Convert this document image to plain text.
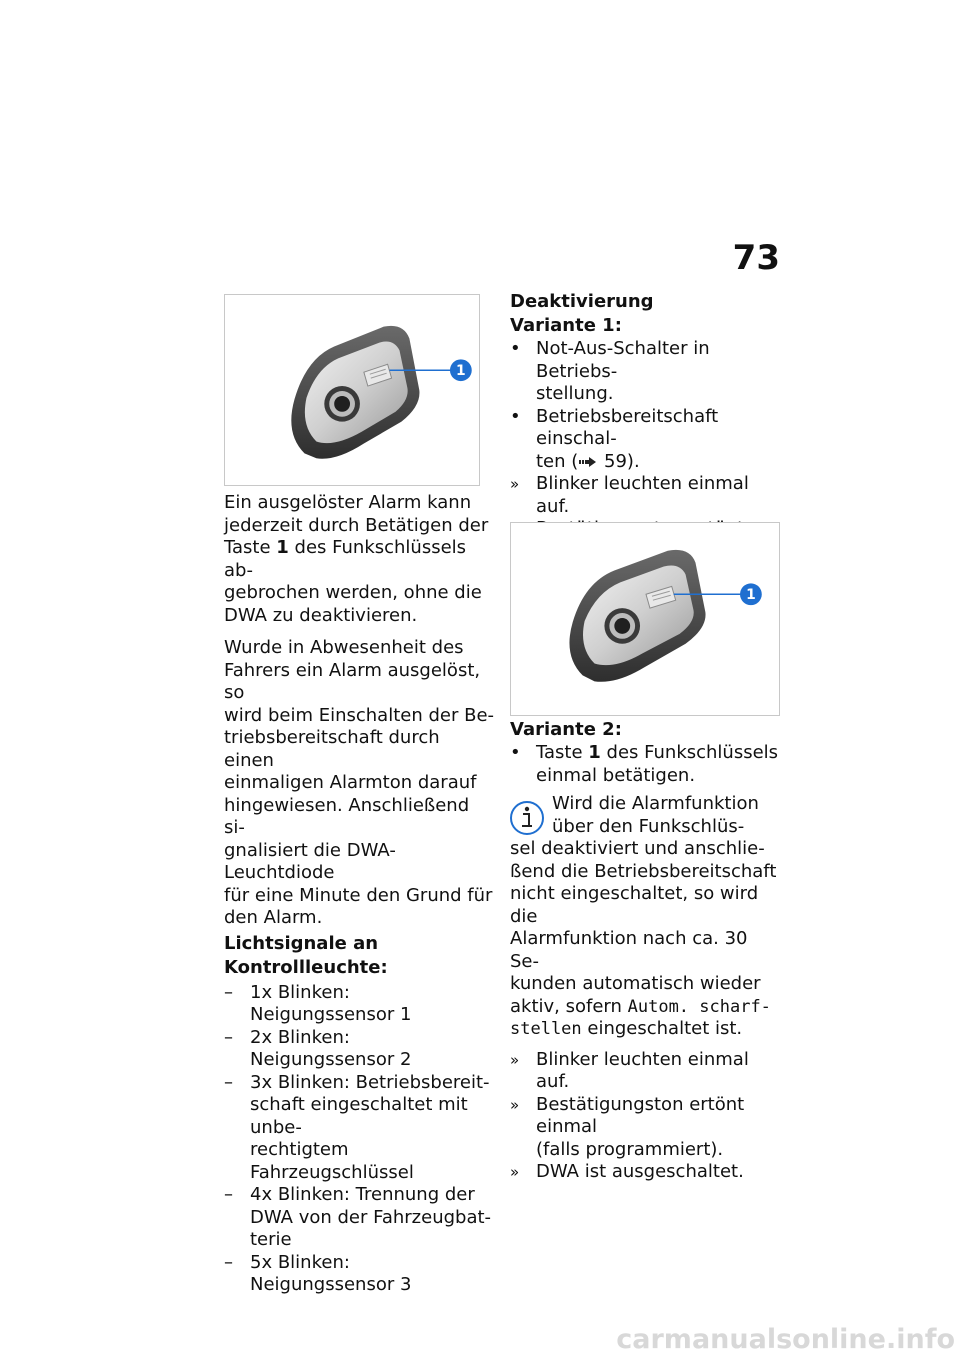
73
1

Ein ausgelöster Alarm kann
jederzeit durch Betätigen der
Taste 1 des Funkschlüssels ab-
gebrochen werden, ohne die
DWA zu deaktivieren.

Wurde in Abwesenheit des
Fahrers ein Alarm ausgelöst, so
wird beim Einschalten der Be-
triebsbereitschaft durch einen
einmaligen Alarmton darauf
hingewiesen. Anschließend si-
gnalisiert die DWA-Leuchtdiode
für eine Minute den Grund für
den Alarm.

Lichtsignale an
Kontrollleuchte:

– 1x Blinken: Neigungssensor 1
– 2x Blinken: Neigungssensor 2
– 3x Blinken: Betriebsbereit-
schaft eingeschaltet mit unbe-
rechtigtem Fahrzeugschlüssel
– 4x Blinken: Trennung der
DWA von der Fahrzeugbat-
terie
– 5x Blinken: Neigungssensor 3

Deaktivierung

Variante 1:

• Not-Aus-Schalter in Betriebs-
stellung.
• Betriebsbereitschaft einschal-
ten ( 59).
» Blinker leuchten einmal auf.

1

Variante 2:

• Taste 1 des Funkschlüssels
einmal betätigen.
Wird die Alarmfunktion
über den Funkschlüs-
sel deaktiviert und anschlie-
ßend die Betriebsbereitschaft
nicht eingeschaltet, so wird die
Alarmfunktion nach ca. 30 Se-
kunden automatisch wieder
aktiv, sofern Autom. scharf-
stellen eingeschaltet ist.
» Blinker leuchten einmal auf.
» Bestätigungston ertönt einmal
(falls programmiert).
» DWA ist ausgeschaltet.
carmanualsonline.info
